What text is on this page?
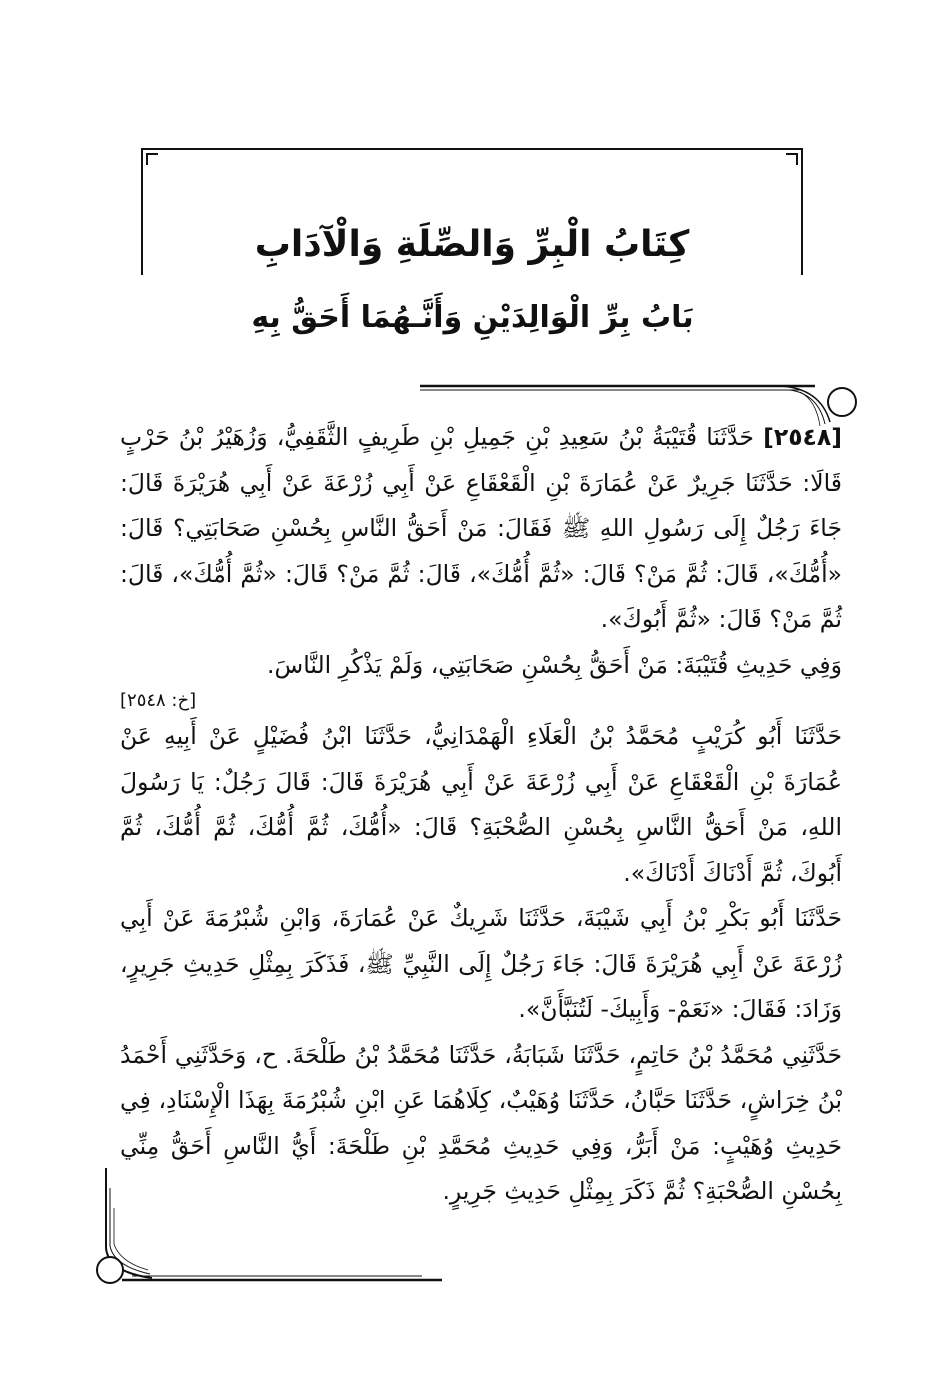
كِتَابُ الْبِرِّ وَالصِّلَةِ وَالْآدَابِ
بَابُ بِرِّ الْوَالِدَيْنِ وَأَنَّـهُمَا أَحَقُّ بِهِ

[٢٥٤٨] حَدَّثَنَا قُتَيْبَةُ بْنُ سَعِيدِ بْنِ جَمِيلِ بْنِ طَرِيفٍ الثَّقَفِيُّ، وَزُهَيْرُ بْنُ حَرْبٍ قَالَا: حَدَّثَنَا جَرِيرٌ عَنْ عُمَارَةَ بْنِ الْقَعْقَاعِ عَنْ أَبِي زُرْعَةَ عَنْ أَبِي هُرَيْرَةَ قَالَ: جَاءَ رَجُلٌ إِلَى رَسُولِ اللهِ ﷺ فَقَالَ: مَنْ أَحَقُّ النَّاسِ بِحُسْنِ صَحَابَتِي؟ قَالَ: «أُمُّكَ»، قَالَ: ثُمَّ مَنْ؟ قَالَ: «ثُمَّ أُمُّكَ»، قَالَ: ثُمَّ مَنْ؟ قَالَ: «ثُمَّ أُمُّكَ»، قَالَ: ثُمَّ مَنْ؟ قَالَ: «ثُمَّ أَبُوكَ».

وَفِي حَدِيثِ قُتَيْبَةَ: مَنْ أَحَقُّ بِحُسْنِ صَحَابَتِي، وَلَمْ يَذْكُرِ النَّاسَ.

[خ: ٢٥٤٨]

حَدَّثَنَا أَبُو كُرَيْبٍ مُحَمَّدُ بْنُ الْعَلَاءِ الْهَمْدَانِيُّ، حَدَّثَنَا ابْنُ فُضَيْلٍ عَنْ أَبِيهِ عَنْ عُمَارَةَ بْنِ الْقَعْقَاعِ عَنْ أَبِي زُرْعَةَ عَنْ أَبِي هُرَيْرَةَ قَالَ: قَالَ رَجُلٌ: يَا رَسُولَ اللهِ، مَنْ أَحَقُّ النَّاسِ بِحُسْنِ الصُّحْبَةِ؟ قَالَ: «أُمُّكَ، ثُمَّ أُمُّكَ، ثُمَّ أُمُّكَ، ثُمَّ أَبُوكَ، ثُمَّ أَدْنَاكَ أَدْنَاكَ».

حَدَّثَنَا أَبُو بَكْرِ بْنُ أَبِي شَيْبَةَ، حَدَّثَنَا شَرِيكٌ عَنْ عُمَارَةَ، وَابْنِ شُبْرُمَةَ عَنْ أَبِي زُرْعَةَ عَنْ أَبِي هُرَيْرَةَ قَالَ: جَاءَ رَجُلٌ إِلَى النَّبِيِّ ﷺ، فَذَكَرَ بِمِثْلِ حَدِيثِ جَرِيرٍ، وَزَادَ: فَقَالَ: «نَعَمْ- وَأَبِيكَ- لَتُنَبَّأَنَّ».

حَدَّثَنِي مُحَمَّدُ بْنُ حَاتِمٍ، حَدَّثَنَا شَبَابَةُ، حَدَّثَنَا مُحَمَّدُ بْنُ طَلْحَةَ. ح، وَحَدَّثَنِي أَحْمَدُ بْنُ خِرَاشٍ، حَدَّثَنَا حَبَّانُ، حَدَّثَنَا وُهَيْبٌ، كِلَاهُمَا عَنِ ابْنِ شُبْرُمَةَ بِهَذَا الْإِسْنَادِ، فِي حَدِيثِ وُهَيْبٍ: مَنْ أَبَرُّ، وَفِي حَدِيثِ مُحَمَّدِ بْنِ طَلْحَةَ: أَيُّ النَّاسِ أَحَقُّ مِنِّي بِحُسْنِ الصُّحْبَةِ؟ ثُمَّ ذَكَرَ بِمِثْلِ حَدِيثِ جَرِيرٍ.
